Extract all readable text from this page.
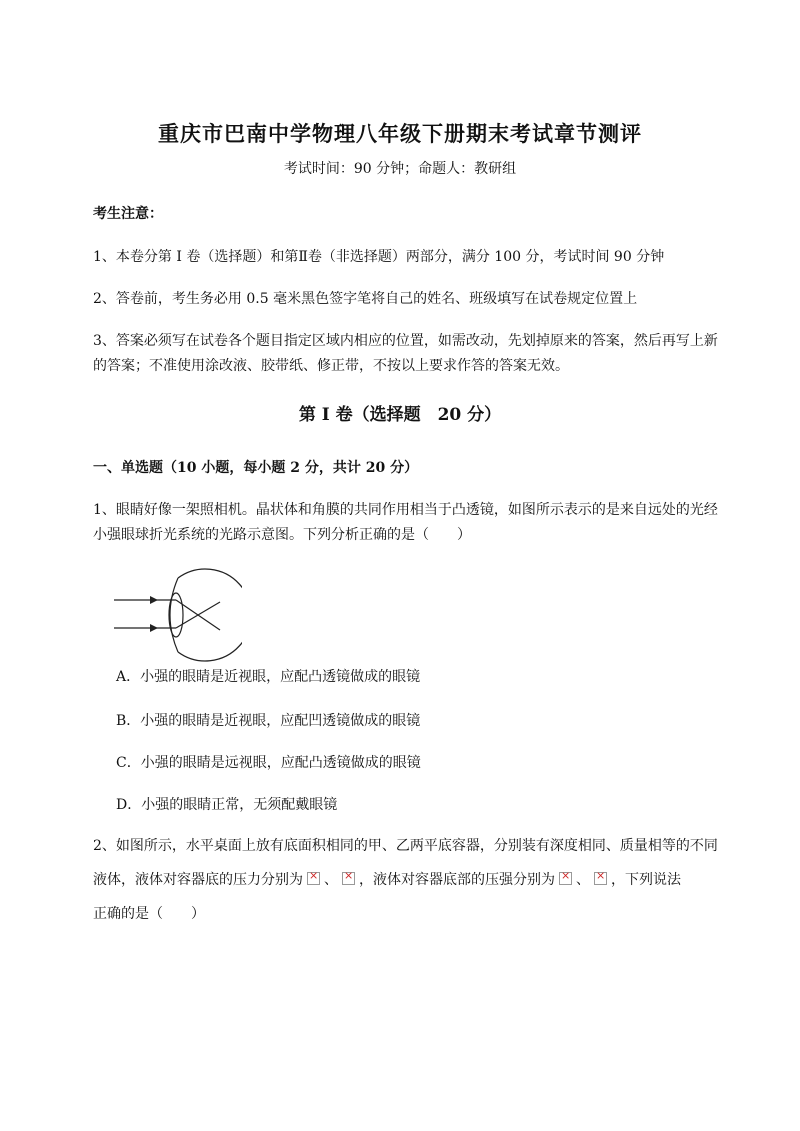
重庆市巴南中学物理八年级下册期末考试章节测评
考试时间：90 分钟；命题人：教研组
考生注意：
1、本卷分第 I 卷（选择题）和第Ⅱ卷（非选择题）两部分，满分 100 分，考试时间 90 分钟
2、答卷前，考生务必用 0.5 毫米黑色签字笔将自己的姓名、班级填写在试卷规定位置上
3、答案必须写在试卷各个题目指定区域内相应的位置，如需改动，先划掉原来的答案，然后再写上新
的答案；不准使用涂改液、胶带纸、修正带，不按以上要求作答的答案无效。
第 I 卷（选择题　20 分）
一、单选题（10 小题，每小题 2 分，共计 20 分）
1、眼睛好像一架照相机。晶状体和角膜的共同作用相当于凸透镜，如图所示表示的是来自远处的光经
小强眼球折光系统的光路示意图。下列分析正确的是（　　）
A．小强的眼睛是近视眼，应配凸透镜做成的眼镜
B．小强的眼睛是近视眼，应配凹透镜做成的眼镜
C．小强的眼睛是远视眼，应配凸透镜做成的眼镜
D．小强的眼睛正常，无须配戴眼镜
2、如图所示，水平桌面上放有底面积相同的甲、乙两平底容器，分别装有深度相同、质量相等的不同
液体，液体对容器底的压力分别为 × 、 × ，液体对容器底部的压强分别为 × 、 × ，下列说法
正确的是（　　）
